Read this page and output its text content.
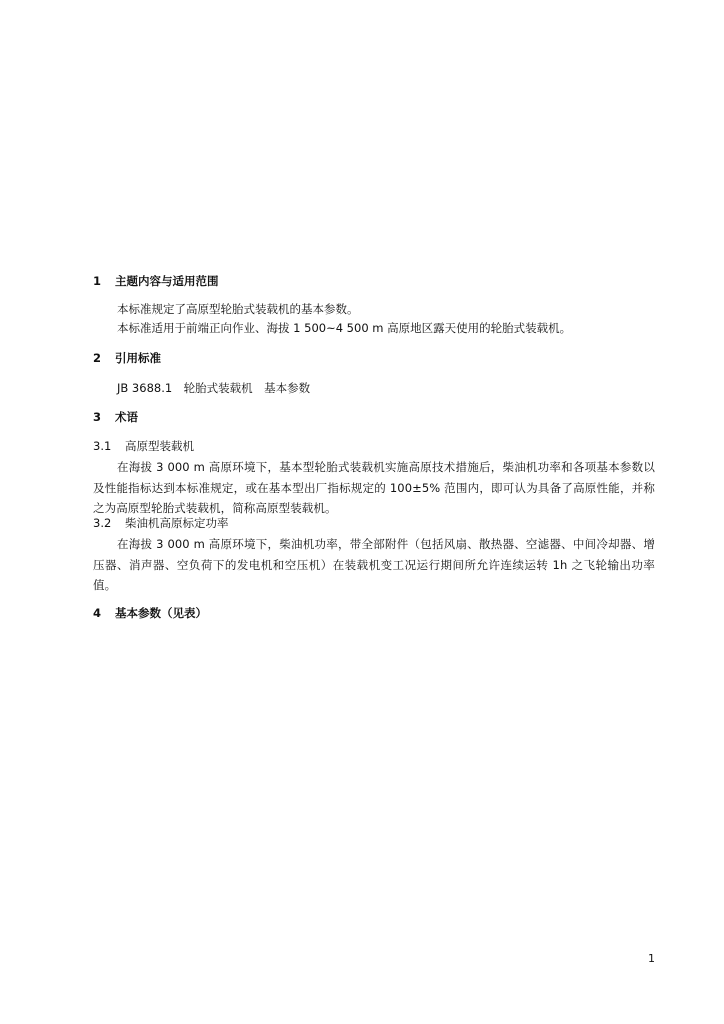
1 主题内容与适用范围
本标准规定了高原型轮胎式装载机的基本参数。
本标准适用于前端正向作业、海拔 1 500~4 500 m 高原地区露天使用的轮胎式装载机。
2 引用标准
JB 3688.1　轮胎式装载机　基本参数
3 术语
3.1 高原型装载机
在海拔 3 000 m 高原环境下，基本型轮胎式装载机实施高原技术措施后，柴油机功率和各项基本参数以及性能指标达到本标准规定，或在基本型出厂指标规定的 100±5% 范围内，即可认为具备了高原性能，并称之为高原型轮胎式装载机，简称高原型装载机。
3.2 柴油机高原标定功率
在海拔 3 000 m 高原环境下，柴油机功率，带全部附件（包括风扇、散热器、空滤器、中间冷却器、增压器、消声器、空负荷下的发电机和空压机）在装载机变工况运行期间所允许连续运转 1h 之飞轮输出功率值。
4 基本参数（见表）
1
